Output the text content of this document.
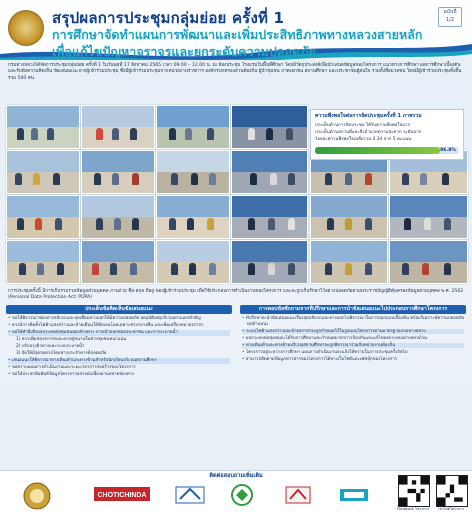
สรุปผลการประชุมกลุ่มย่อย ครั้งที่ 1
การศึกษาจัดทำแผนการพัฒนาและเพิ่มประสิทธิภาพทางหลวงสายหลัก
เพื่อแก้ไขปัญหาจราจรและยกระดับความปลอดภัย
ฉบับที่
1/2

กรมทางหลวงได้จัดการประชุมกลุ่มย่อย ครั้งที่ 1 ในวันพุธที่ 17 สิงหาคม 2565 เวลา 09.00 – 12.00 น. ณ ห้องประชุม โรงแรมในพื้นที่ศึกษา โดยมีวัตถุประสงค์เพื่อนำเสนอข้อมูลของโครงการ แนวทางการศึกษา ผลการศึกษาเบื้องต้น และรับฟังความคิดเห็น ข้อเสนอแนะจากผู้เข้าร่วมประชุม ซึ่งมีผู้เข้าร่วมประชุมจากหน่วยงานราชการ องค์กรปกครองส่วนท้องถิ่น ผู้นำชุมชน ภาคเอกชน สถานศึกษา และประชาชนผู้สนใจ รวมทั้งสื่อมวลชน โดยมีผู้เข้าร่วมประชุมทั้งสิ้นรวม 500 คน

ความพึงพอใจต่อการจัดประชุมครั้งที่ 1 ภาพรวม
ประเด็นด้านการจัดประชุม ได้รับความพึงพอใจมาก
ประเด็นด้านสถานที่และสิ่งอำนวยความสะดวก ระดับมาก
ร้อยละความพึงพอใจเฉลี่ยรวม 4.34 จาก 5 คะแนน
86.8%

การประชุมครั้งนี้ มีการเก็บรวบรวมข้อมูลส่วนบุคคล ภาพถ่าย ชื่อ-สกุล ที่อยู่ ของผู้เข้าร่วมประชุม เพื่อใช้ประกอบการดำเนินงานของโครงการ และจะถูกเก็บรักษาไว้อย่างปลอดภัยตามพระราชบัญญัติคุ้มครองข้อมูลส่วนบุคคล พ.ศ. 2562

(Personal Data Protection Act: PDPA)

ประเด็นข้อคิดเห็นข้อเสนอแนะ

• ขอให้พิจารณาช่องทางกลับรถและจุดเชื่อมทางแยกให้มีความปลอดภัย ลดอุบัติเหตุบริเวณทางแยกสำคัญ

• ควรมีการติดตั้งไฟฟ้าแสงสว่างและป้ายเตือนให้ชัดเจนโดยเฉพาะช่วงกลางคืน และเพิ่มเครื่องหมายจราจร

• ขอให้คำนึงถึงผลกระทบต่อชุมชนสองข้างทาง การเข้าออกของประชาชน และการระบายน้ำ

1) ควรเพิ่มช่องจราจรและทางคู่ขนานในช่วงชุมชนหนาแน่น

2) ปรับปรุงผิวทางและระบบระบายน้ำ

3) จัดให้มีจุดจอดรถโดยสารประจำทางที่ปลอดภัย

• เสนอแนะให้พิจารณาทางเดินเท้าและทางข้ามสำหรับนักเรียนบริเวณสถานศึกษา

• ขอทราบแผนการดำเนินงานและระยะเวลาการก่อสร้างของโครงการ

• ขอให้ประชาสัมพันธ์ข้อมูลโครงการอย่างต่อเนื่องผ่านหลายช่องทาง

การตอบข้อซักถามจากที่ปรึกษาและการนำข้อเสนอแนะไปประกอบการศึกษาโครงการ

• ที่ปรึกษาจะนำข้อเสนอแนะเรื่องจุดกลับรถและทางแยกไปพิจารณาในการออกแบบเบื้องต้น พร้อมวิเคราะห์ความปลอดภัยทุกตำแหน่ง

• ระบบไฟฟ้าแสงสว่างและป้ายจราจรจะถูกกำหนดไว้ในรูปแบบโครงการตามมาตรฐานกรมทางหลวง

• ผลกระทบต่อชุมชนจะได้รับการศึกษาและกำหนดมาตรการป้องกันและแก้ไขผลกระทบอย่างครบถ้วน

• ทางเดินเท้าและทางข้ามบริเวณสถานศึกษาจะถูกพิจารณาร่วมกับหน่วยงานท้องถิ่น

• โครงการอยู่ระหว่างการศึกษา แผนการดำเนินงานจะแจ้งให้ทราบในการประชุมครั้งถัดไป

• สามารถติดตามข้อมูลข่าวสารของโครงการได้ทางเว็บไซต์และเฟซบุ๊กของโครงการ

ติดต่อสอบถามเพิ่มเติม
CHOTICHINDA
Facebook โครงการ	เว็บไซต์โครงการ
